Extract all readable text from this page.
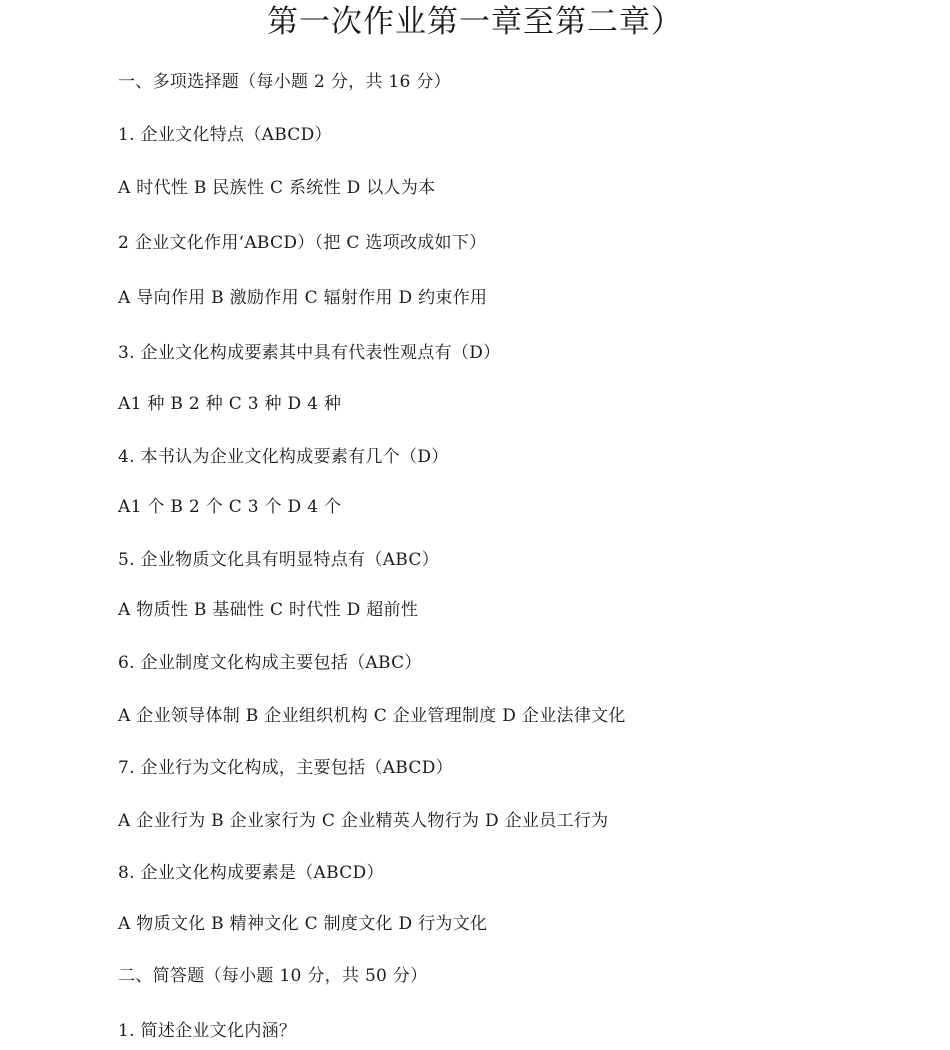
第一次作业第一章至第二章）
一、多项选择题（每小题 2 分，共 16 分）
1. 企业文化特点（ABCD）
A 时代性 B 民族性 C 系统性 D 以人为本
2 企业文化作用‘ABCD）（把 C 选项改成如下）
A 导向作用 B 激励作用 C 辐射作用 D 约束作用
3. 企业文化构成要素其中具有代表性观点有（D）
A1 种 B 2 种 C 3 种 D 4 种
4. 本书认为企业文化构成要素有几个（D）
A1 个 B 2 个 C 3 个 D 4 个
5. 企业物质文化具有明显特点有（ABC）
A 物质性 B 基础性 C 时代性 D 超前性
6. 企业制度文化构成主要包括（ABC）
A 企业领导体制 B 企业组织机构 C 企业管理制度 D 企业法律文化
7. 企业行为文化构成，主要包括（ABCD）
A 企业行为 B 企业家行为 C 企业精英人物行为 D 企业员工行为
8. 企业文化构成要素是（ABCD）
A 物质文化 B 精神文化 C 制度文化 D 行为文化
二、简答题（每小题 10 分，共 50 分）
1. 简述企业文化内涵？
